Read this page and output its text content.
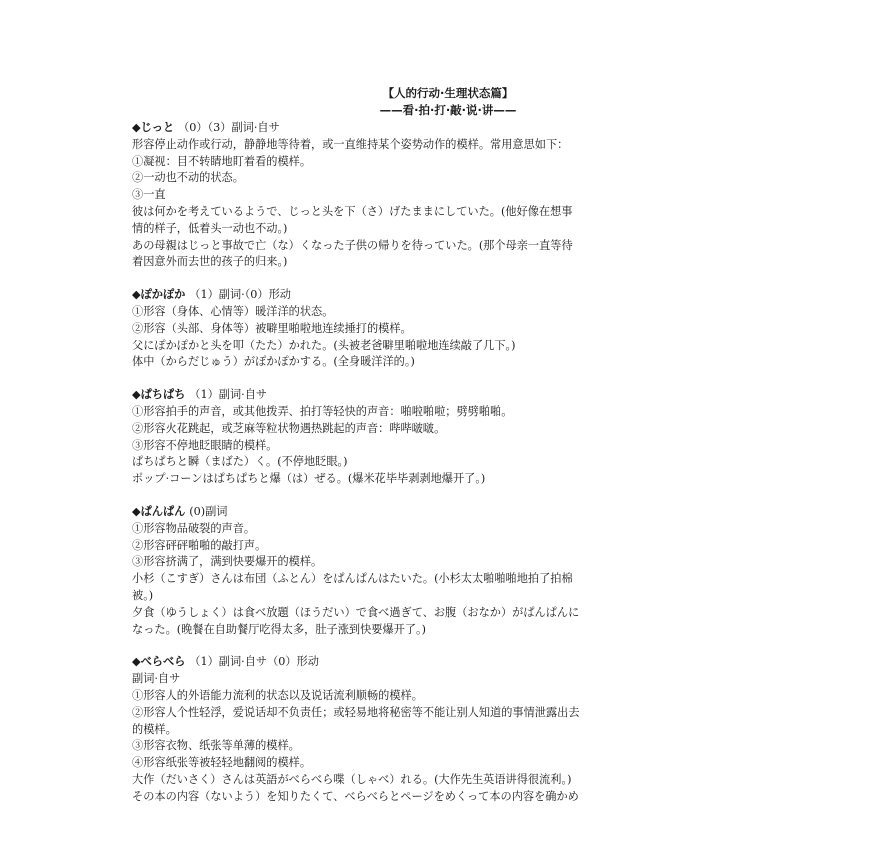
【人的行动·生理状态篇】
——看·拍·打·敲·说·讲——
◆じっと （0）（3）副词·自サ
形容停止动作或行动，静静地等待着，或一直维持某个姿势动作的模样。常用意思如下：
①凝视：目不转睛地盯着看的模样。
②一动也不动的状态。
③一直
彼は何かを考えているようで、じっと头を下（さ）げたままにしていた。(他好像在想事
情的样子，低着头一动也不动。)
あの母親はじっと事故で亡（な）くなった子供の帰りを待っていた。(那个母亲一直等待
着因意外而去世的孩子的归来。)
◆ぽかぽか （1）副词·（0）形动
①形容（身体、心情等）暖洋洋的状态。
②形容（头部、身体等）被噼里啪啦地连续捶打的模样。
父にぽかぽかと头を叩（たた）かれた。(头被老爸噼里啪啦地连续敲了几下。)
体中（からだじゅう）がぽかぽかする。(全身暖洋洋的。)
◆ぱちぱち （1）副词·自サ
①形容拍手的声音，或其他拨弄、拍打等轻快的声音：啪啦啪啦；劈劈啪啪。
②形容火花跳起，或芝麻等粒状物遇热跳起的声音：哔哔啵啵。
③形容不停地眨眼睛的模样。
ぱちぱちと瞬（まばた）く。(不停地眨眼。)
ポップ·コーンはぱちぱちと爆（は）ぜる。(爆米花毕毕剥剥地爆开了。)
◆ぱんぱん (0)副词
①形容物品破裂的声音。
②形容砰砰啪啪的敲打声。
③形容挤满了，满到快要爆开的模样。
小杉（こすぎ）さんは布団（ふとん）をぱんぱんはたいた。(小杉太太啪啪啪地拍了拍棉
被。)
夕食（ゆうしょく）は食べ放題（ほうだい）で食べ過ぎて、お腹（おなか）がぱんぱんに
なった。(晚餐在自助餐厅吃得太多，肚子涨到快要爆开了。)
◆べらべら （1）副词·自サ（0）形动
副词·自サ
①形容人的外语能力流利的状态以及说话流利顺畅的模样。
②形容人个性轻浮，爱说话却不负责任；或轻易地将秘密等不能让别人知道的事情泄露出去
的模样。
③形容衣物、纸张等单薄的模样。
④形容纸张等被轻轻地翻阅的模样。
大作（だいさく）さんは英語がべらべら喋（しゃべ）れる。(大作先生英语讲得很流利。)
その本の内容（ないよう）を知りたくて、べらべらとページをめくって本の内容を确かめ
